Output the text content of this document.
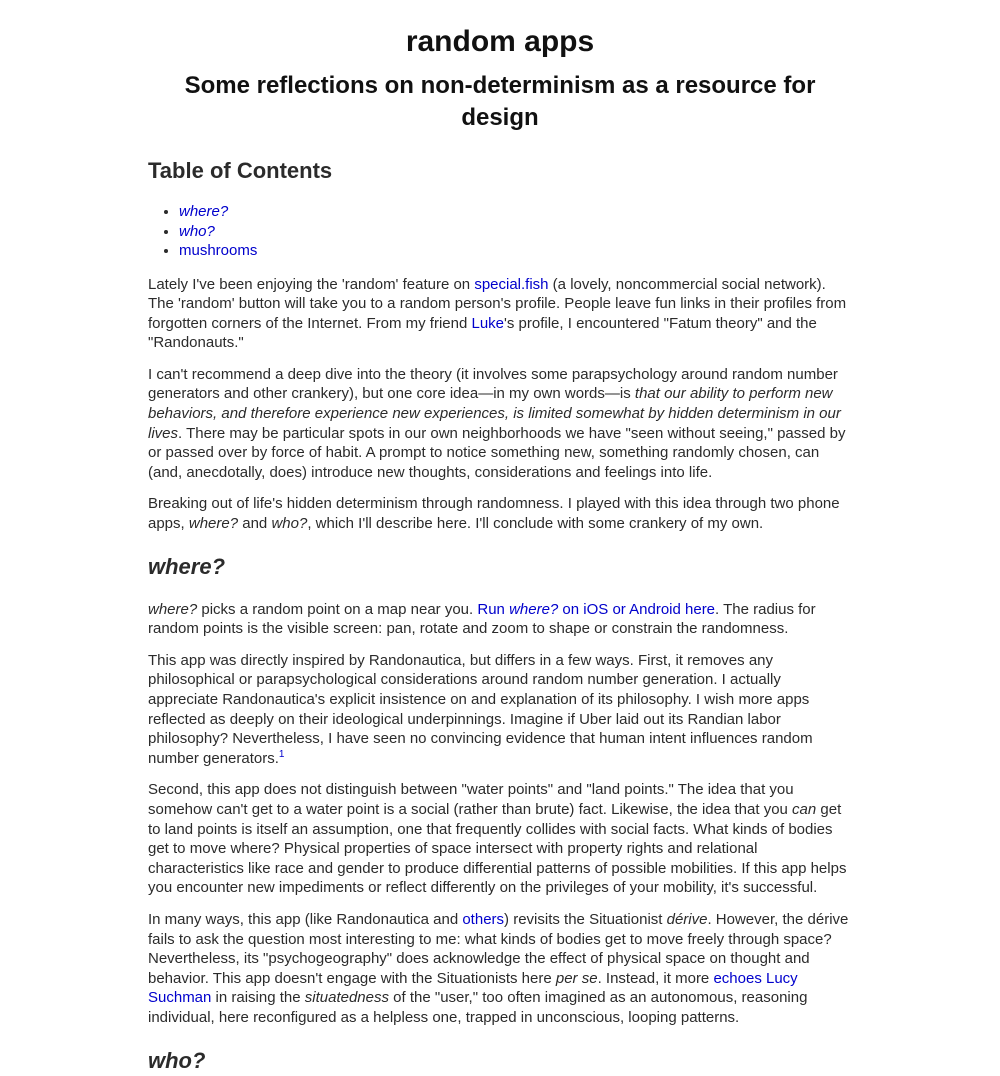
random apps
Some reflections on non-determinism as a resource for design
Table of Contents
• where?
• who?
• mushrooms

Lately I've been enjoying the 'random' feature on special.fish (a lovely, noncommercial social network). The 'random' button will take you to a random person's profile. People leave fun links in their profiles from forgotten corners of the Internet. From my friend Luke's profile, I encountered "Fatum theory" and the "Randonauts."

I can't recommend a deep dive into the theory (it involves some parapsychology around random number generators and other crankery), but one core idea—in my own words—is that our ability to perform new behaviors, and therefore experience new experiences, is limited somewhat by hidden determinism in our lives. There may be particular spots in our own neighborhoods we have "seen without seeing," passed by or passed over by force of habit. A prompt to notice something new, something randomly chosen, can (and, anecdotally, does) introduce new thoughts, considerations and feelings into life.

Breaking out of life's hidden determinism through randomness. I played with this idea through two phone apps, where? and who?, which I'll describe here. I'll conclude with some crankery of my own.

where?

where? picks a random point on a map near you. Run where? on iOS or Android here. The radius for random points is the visible screen: pan, rotate and zoom to shape or constrain the randomness.

This app was directly inspired by Randonautica, but differs in a few ways. First, it removes any philosophical or parapsychological considerations around random number generation. I actually appreciate Randonautica's explicit insistence on and explanation of its philosophy. I wish more apps reflected as deeply on their ideological underpinnings. Imagine if Uber laid out its Randian labor philosophy? Nevertheless, I have seen no convincing evidence that human intent influences random number generators.$^1$

Second, this app does not distinguish between "water points" and "land points." The idea that you somehow can't get to a water point is a social (rather than brute) fact. Likewise, the idea that you can get to land points is itself an assumption, one that frequently collides with social facts. What kinds of bodies get to move where? Physical properties of space intersect with property rights and relational characteristics like race and gender to produce differential patterns of possible mobilities. If this app helps you encounter new impediments or reflect differently on the privileges of your mobility, it's successful.

In many ways, this app (like Randonautica and others) revisits the Situationist dérive. However, the dérive fails to ask the question most interesting to me: what kinds of bodies get to move freely through space? Nevertheless, its "psychogeography" does acknowledge the effect of physical space on thought and behavior. This app doesn't engage with the Situationists here per se. Instead, it more echoes Lucy Suchman in raising the situatedness of the "user," too often imagined as an autonomous, reasoning individual, here reconfigured as a helpless one, trapped in unconscious, looping patterns.

who?
